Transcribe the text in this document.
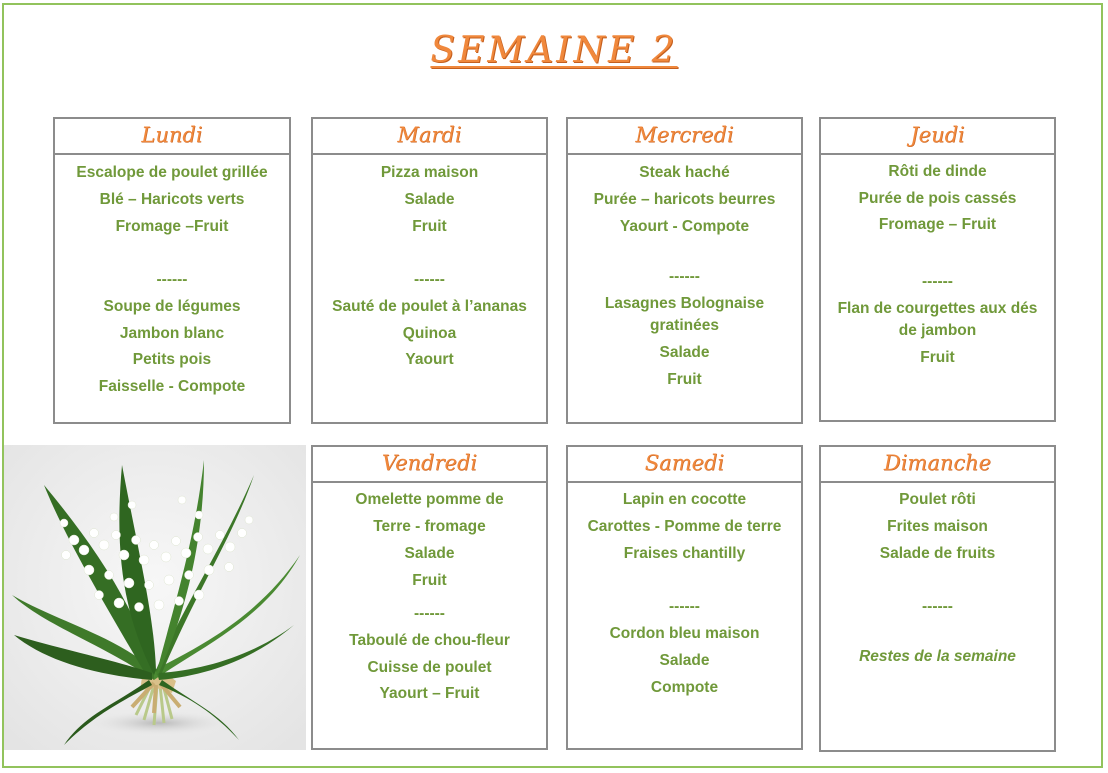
SEMAINE 2
Lundi
Escalope de poulet grillée
Blé – Haricots verts
Fromage –Fruit
------
Soupe de légumes
Jambon blanc
Petits pois
Faisselle - Compote
Mardi
Pizza maison
Salade
Fruit
------
Sauté de poulet à l’ananas
Quinoa
Yaourt
Mercredi
Steak haché
Purée – haricots beurres
Yaourt - Compote
------
Lasagnes Bolognaise
gratinées
Salade
Fruit
Jeudi
Rôti de dinde
Purée de pois cassés
Fromage – Fruit
------
Flan de courgettes aux dés
de jambon
Fruit
Vendredi
Omelette pomme de
Terre - fromage
Salade
Fruit
------
Taboulé de chou-fleur
Cuisse de poulet
Yaourt – Fruit
Samedi
Lapin en cocotte
Carottes - Pomme de terre
Fraises chantilly
------
Cordon bleu maison
Salade
Compote
Dimanche
Poulet rôti
Frites maison
Salade de fruits
------
Restes de la semaine
